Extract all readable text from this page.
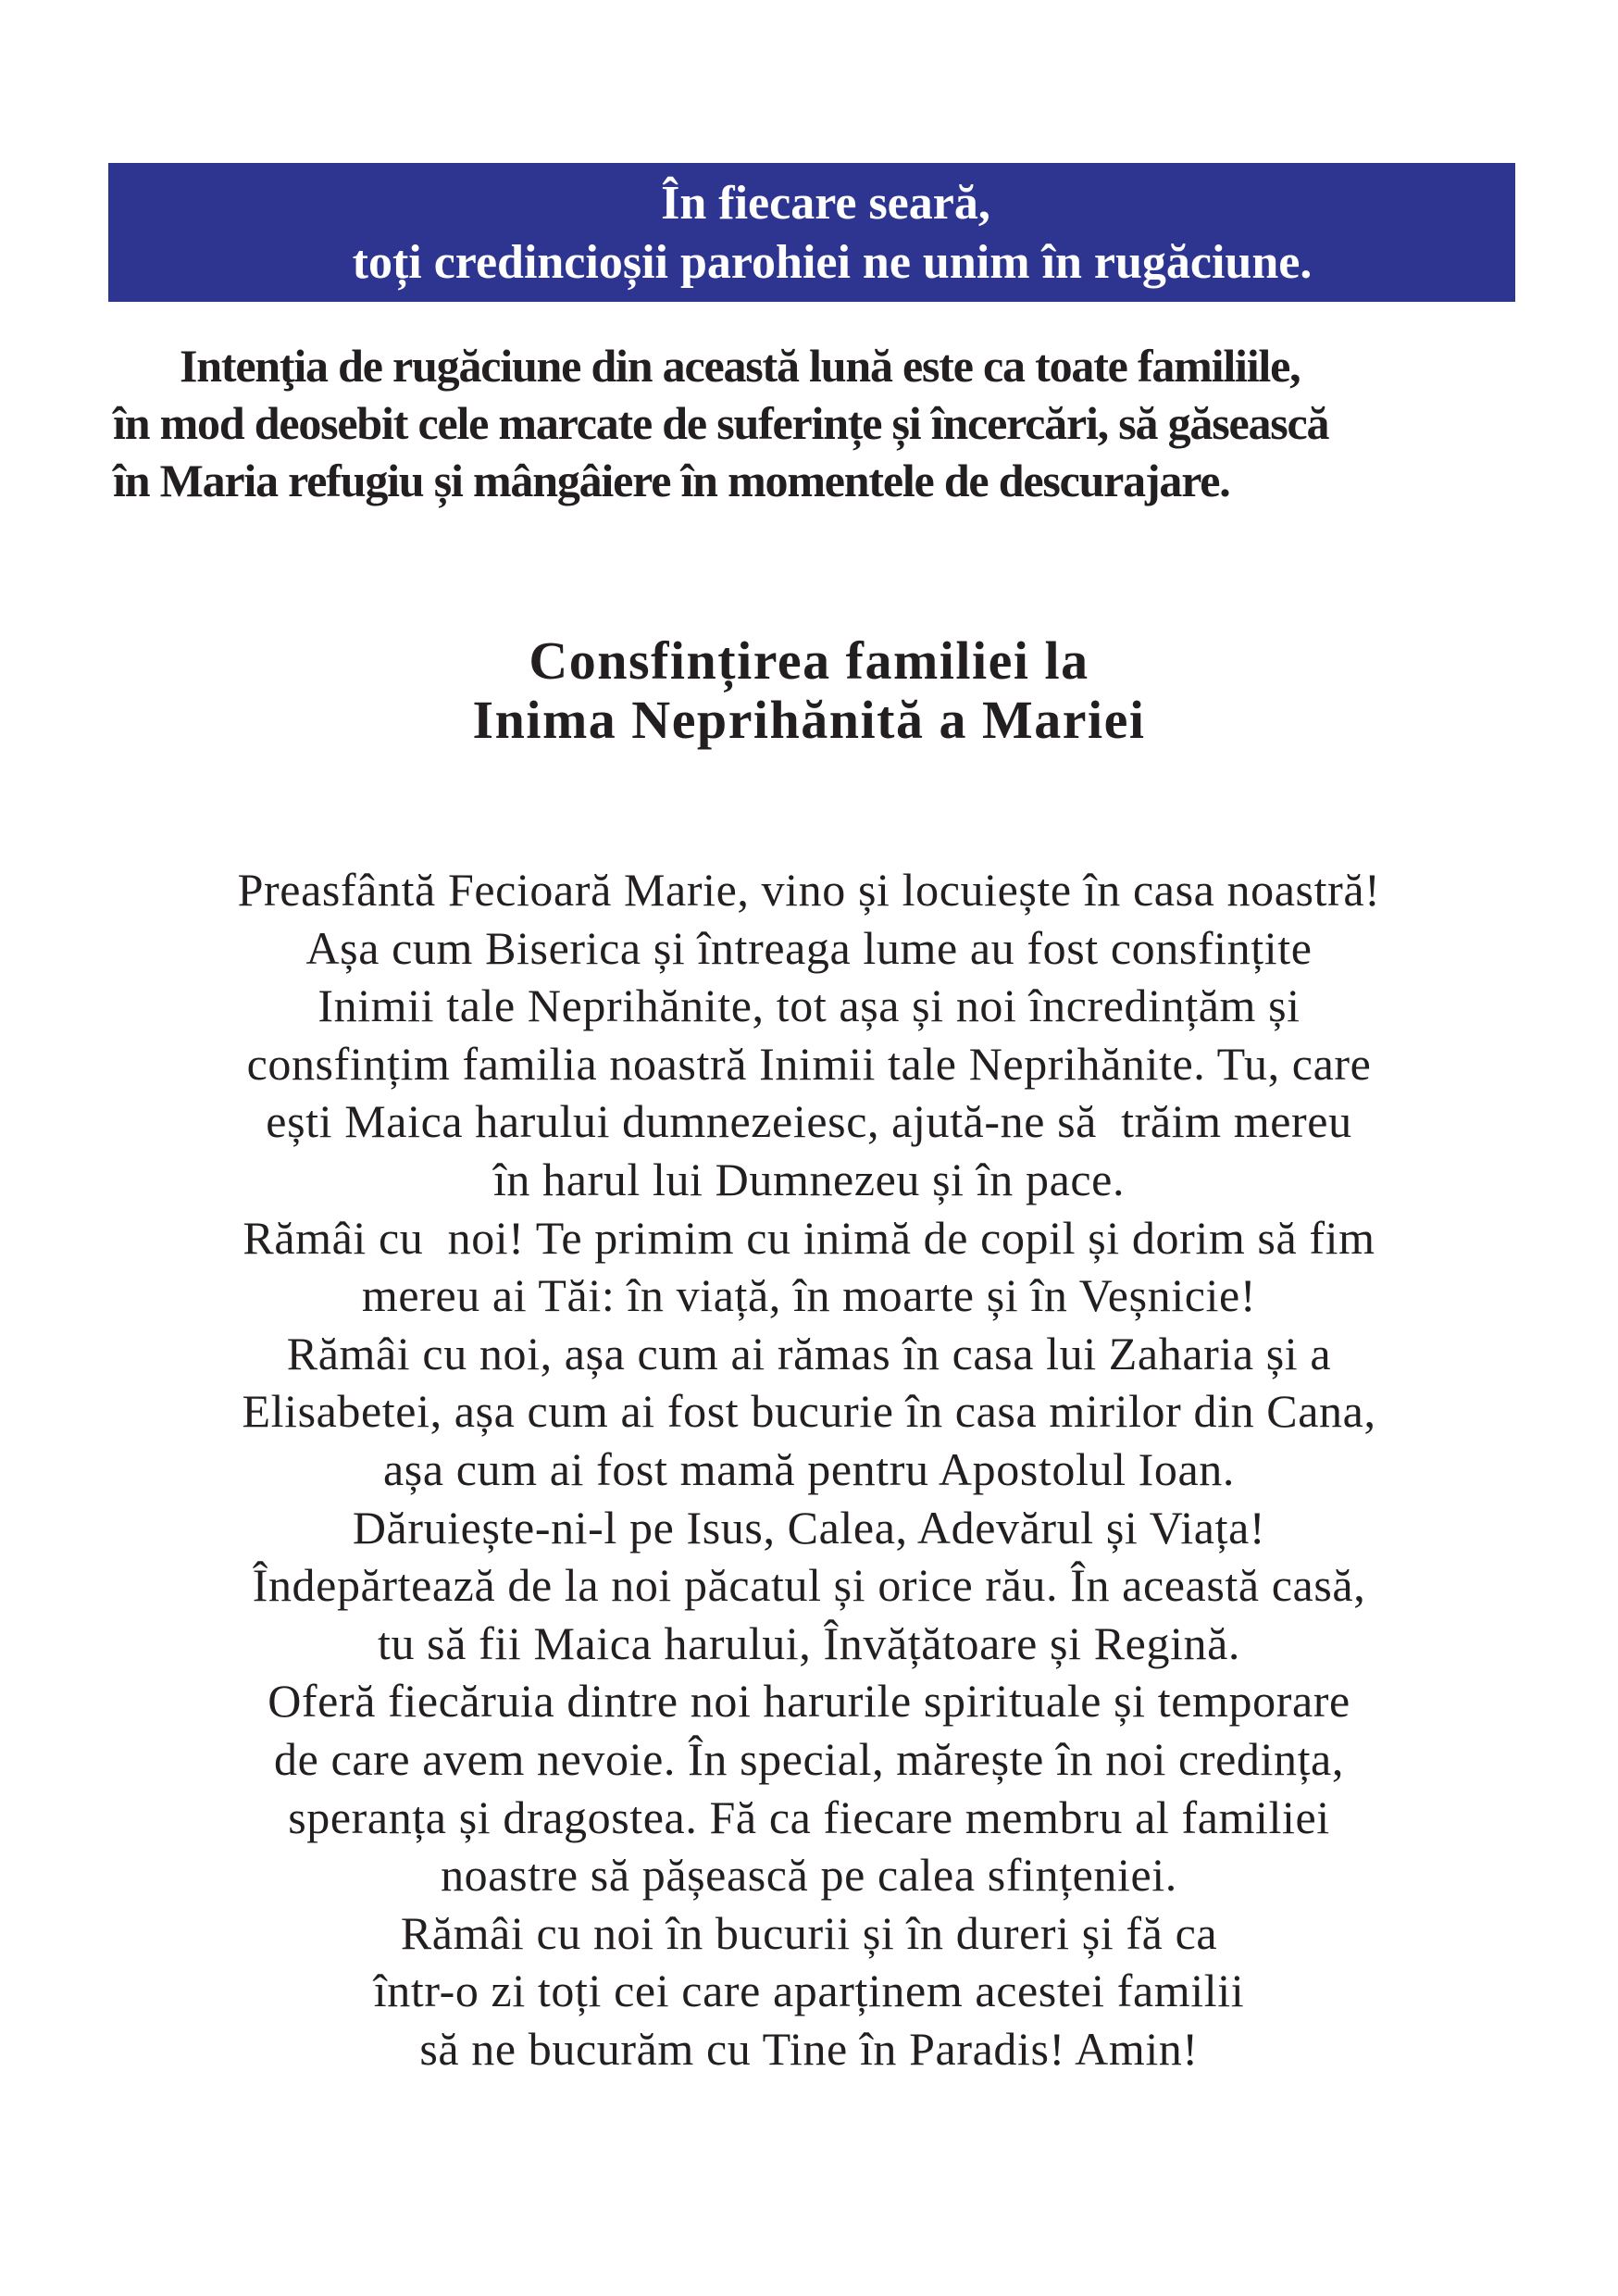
În fiecare seară,
toți credincioșii parohiei ne unim în rugăciune.
Intenţia de rugăciune din această lună este ca toate familiile,
în mod deosebit cele marcate de suferințe și încercări, să găsească
în Maria refugiu și mângâiere în momentele de descurajare.
Consfințirea familiei la
Inima Neprihănită a Mariei
Preasfântă Fecioară Marie, vino și locuiește în casa noastră!
Așa cum Biserica și întreaga lume au fost consfințite
Inimii tale Neprihănite, tot așa și noi încredințăm și
consfințim familia noastră Inimii tale Neprihănite. Tu, care
ești Maica harului dumnezeiesc, ajută-ne să  trăim mereu
în harul lui Dumnezeu și în pace.
Rămâi cu  noi! Te primim cu inimă de copil și dorim să fim
mereu ai Tăi: în viață, în moarte și în Veșnicie!
Rămâi cu noi, așa cum ai rămas în casa lui Zaharia și a
Elisabetei, așa cum ai fost bucurie în casa mirilor din Cana,
așa cum ai fost mamă pentru Apostolul Ioan.
Dăruiește-ni-l pe Isus, Calea, Adevărul și Viața!
Îndepărtează de la noi păcatul și orice rău. În această casă,
tu să fii Maica harului, Învățătoare și Regină.
Oferă fiecăruia dintre noi harurile spirituale și temporare
de care avem nevoie. În special, mărește în noi credința,
speranța și dragostea. Fă ca fiecare membru al familiei
noastre să pășească pe calea sfințeniei.
Rămâi cu noi în bucurii și în dureri și fă ca
într-o zi toți cei care aparținem acestei familii
să ne bucurăm cu Tine în Paradis! Amin!
